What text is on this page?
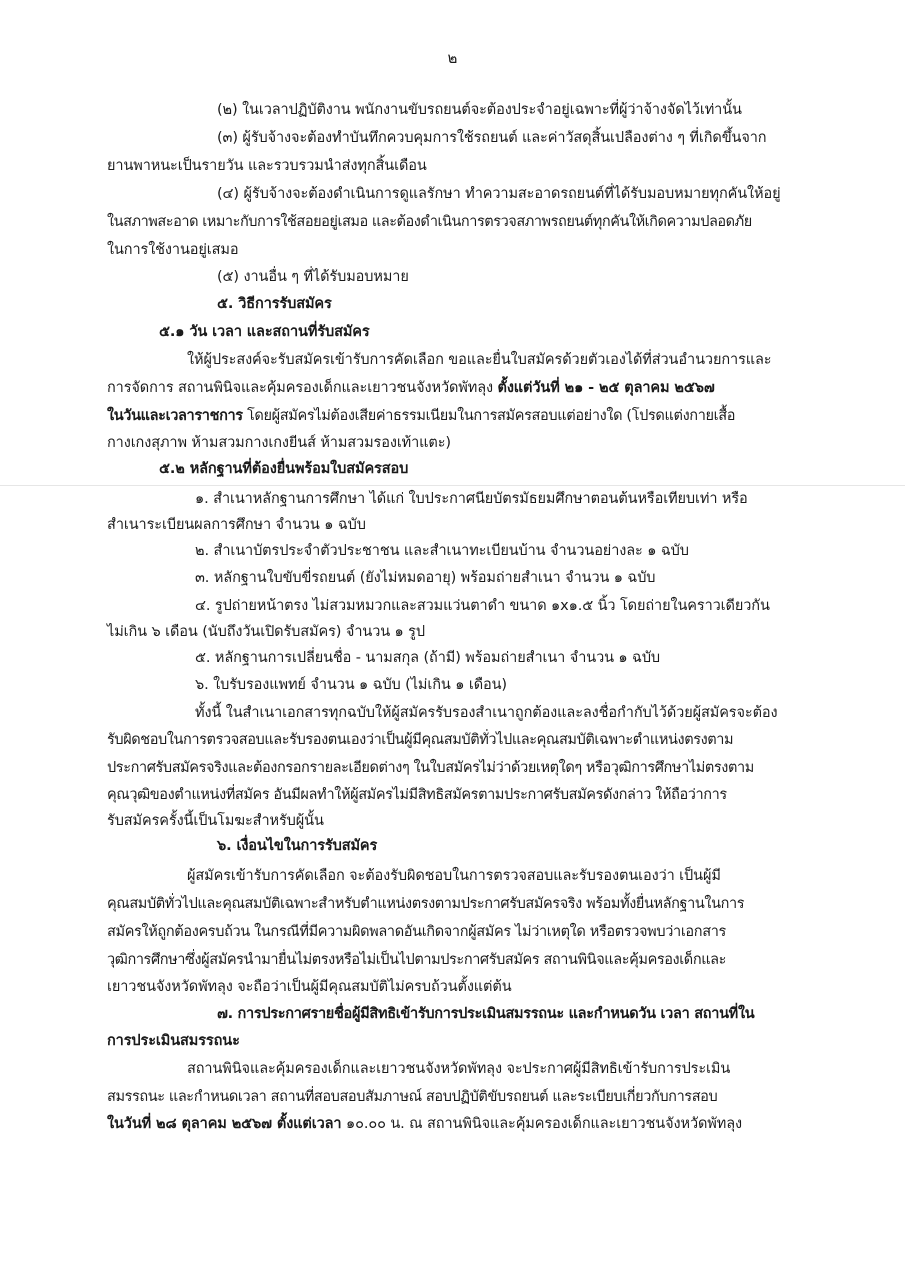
๒
(๒) ในเวลาปฏิบัติงาน พนักงานขับรถยนต์จะต้องประจำอยู่เฉพาะที่ผู้ว่าจ้างจัดไว้เท่านั้น
(๓) ผู้รับจ้างจะต้องทำบันทึกควบคุมการใช้รถยนต์ และค่าวัสดุสิ้นเปลืองต่าง ๆ ที่เกิดขึ้นจาก
ยานพาหนะเป็นรายวัน และรวบรวมนำส่งทุกสิ้นเดือน
(๔) ผู้รับจ้างจะต้องดำเนินการดูแลรักษา ทำความสะอาดรถยนต์ที่ได้รับมอบหมายทุกคันให้อยู่
ในสภาพสะอาด เหมาะกับการใช้สอยอยู่เสมอ และต้องดำเนินการตรวจสภาพรถยนต์ทุกคันให้เกิดความปลอดภัย
ในการใช้งานอยู่เสมอ
(๕) งานอื่น ๆ ที่ได้รับมอบหมาย
๕. วิธีการรับสมัคร
๕.๑ วัน เวลา และสถานที่รับสมัคร
ให้ผู้ประสงค์จะรับสมัครเข้ารับการคัดเลือก ขอและยื่นใบสมัครด้วยตัวเองได้ที่ส่วนอำนวยการและ
การจัดการ สถานพินิจและคุ้มครองเด็กและเยาวชนจังหวัดพัทลุง ตั้งแต่วันที่ ๒๑ - ๒๕ ตุลาคม ๒๕๖๗
ในวันและเวลาราชการ โดยผู้สมัครไม่ต้องเสียค่าธรรมเนียมในการสมัครสอบแต่อย่างใด (โปรดแต่งกายเสื้อ
กางเกงสุภาพ ห้ามสวมกางเกงยีนส์ ห้ามสวมรองเท้าแตะ)
๕.๒ หลักฐานที่ต้องยื่นพร้อมใบสมัครสอบ
๑. สำเนาหลักฐานการศึกษา ได้แก่ ใบประกาศนียบัตรมัธยมศึกษาตอนต้นหรือเทียบเท่า หรือ
สำเนาระเบียนผลการศึกษา จำนวน ๑ ฉบับ
๒. สำเนาบัตรประจำตัวประชาชน และสำเนาทะเบียนบ้าน จำนวนอย่างละ ๑ ฉบับ
๓. หลักฐานใบขับขี่รถยนต์ (ยังไม่หมดอายุ) พร้อมถ่ายสำเนา จำนวน ๑ ฉบับ
๔. รูปถ่ายหน้าตรง ไม่สวมหมวกและสวมแว่นตาดำ ขนาด ๑x๑.๕ นิ้ว โดยถ่ายในคราวเดียวกัน
ไม่เกิน ๖ เดือน (นับถึงวันเปิดรับสมัคร) จำนวน ๑ รูป
๕. หลักฐานการเปลี่ยนชื่อ - นามสกุล (ถ้ามี) พร้อมถ่ายสำเนา จำนวน ๑ ฉบับ
๖. ใบรับรองแพทย์ จำนวน ๑ ฉบับ (ไม่เกิน ๑ เดือน)
ทั้งนี้ ในสำเนาเอกสารทุกฉบับให้ผู้สมัครรับรองสำเนาถูกต้องและลงชื่อกำกับไว้ด้วยผู้สมัครจะต้อง
รับผิดชอบในการตรวจสอบและรับรองตนเองว่าเป็นผู้มีคุณสมบัติทั่วไปและคุณสมบัติเฉพาะตำแหน่งตรงตาม
ประกาศรับสมัครจริงและต้องกรอกรายละเอียดต่างๆ ในใบสมัครไม่ว่าด้วยเหตุใดๆ หรือวุฒิการศึกษาไม่ตรงตาม
คุณวุฒิของตำแหน่งที่สมัคร อันมีผลทำให้ผู้สมัครไม่มีสิทธิสมัครตามประกาศรับสมัครดังกล่าว ให้ถือว่าการ
รับสมัครครั้งนี้เป็นโมฆะสำหรับผู้นั้น
๖. เงื่อนไขในการรับสมัคร
ผู้สมัครเข้ารับการคัดเลือก จะต้องรับผิดชอบในการตรวจสอบและรับรองตนเองว่า เป็นผู้มี
คุณสมบัติทั่วไปและคุณสมบัติเฉพาะสำหรับตำแหน่งตรงตามประกาศรับสมัครจริง พร้อมทั้งยื่นหลักฐานในการ
สมัครให้ถูกต้องครบถ้วน ในกรณีที่มีความผิดพลาดอันเกิดจากผู้สมัคร ไม่ว่าเหตุใด หรือตรวจพบว่าเอกสาร
วุฒิการศึกษาซึ่งผู้สมัครนำมายื่นไม่ตรงหรือไม่เป็นไปตามประกาศรับสมัคร สถานพินิจและคุ้มครองเด็กและ
เยาวชนจังหวัดพัทลุง จะถือว่าเป็นผู้มีคุณสมบัติไม่ครบถ้วนตั้งแต่ต้น
๗. การประกาศรายชื่อผู้มีสิทธิเข้ารับการประเมินสมรรถนะ และกำหนดวัน เวลา สถานที่ใน
การประเมินสมรรถนะ
สถานพินิจและคุ้มครองเด็กและเยาวชนจังหวัดพัทลุง จะประกาศผู้มีสิทธิเข้ารับการประเมิน
สมรรถนะ และกำหนดเวลา สถานที่สอบสอบสัมภาษณ์ สอบปฏิบัติขับรถยนต์ และระเบียบเกี่ยวกับการสอบ
ในวันที่ ๒๘ ตุลาคม ๒๕๖๗ ตั้งแต่เวลา ๑๐.๐๐ น. ณ สถานพินิจและคุ้มครองเด็กและเยาวชนจังหวัดพัทลุง
